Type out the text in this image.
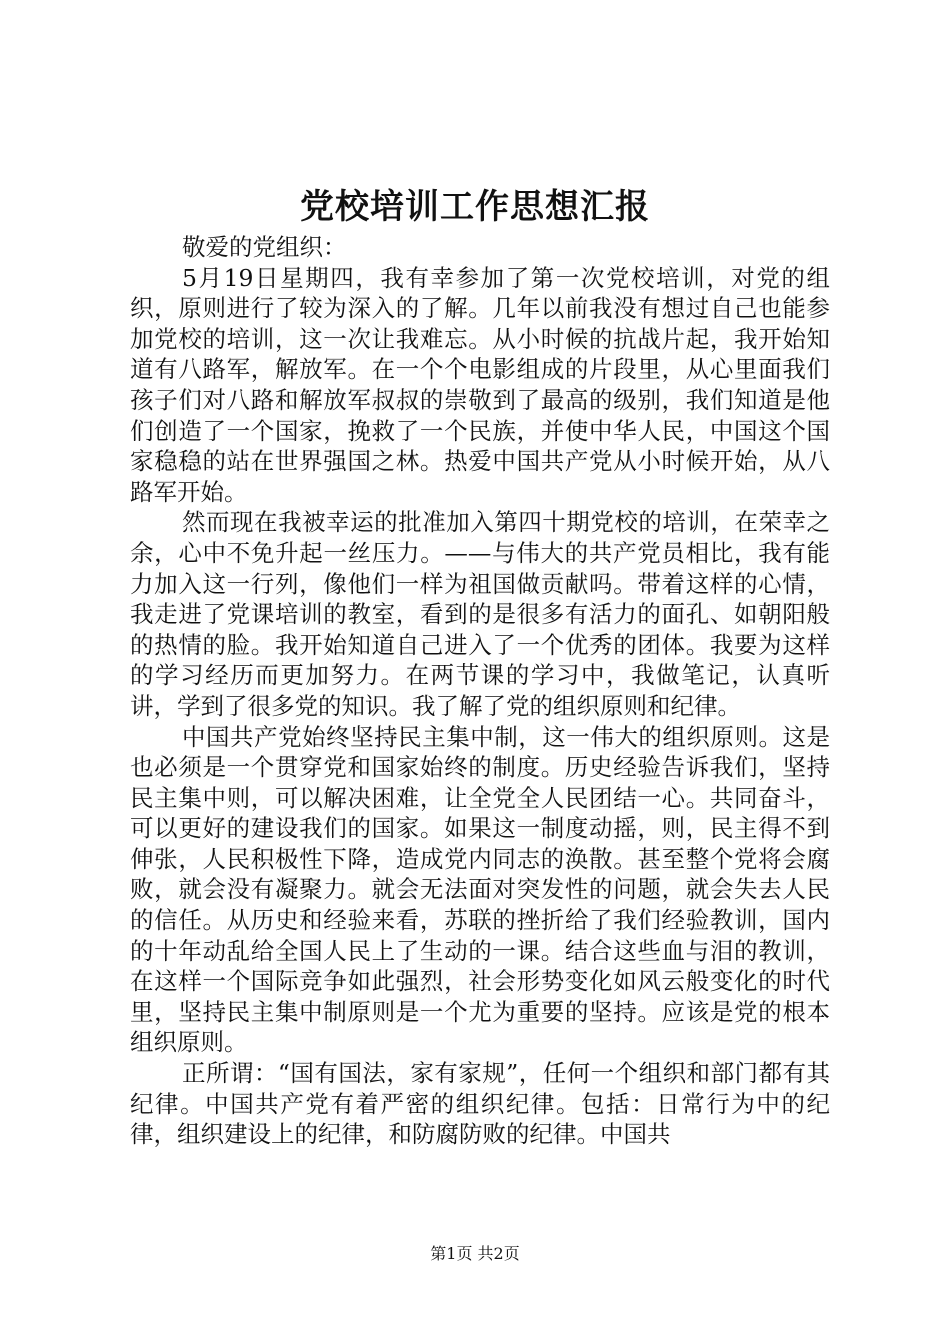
党校培训工作思想汇报

敬爱的党组织：

5月19日星期四，我有幸参加了第一次党校培训，对党的组织，原则进行了较为深入的了解。几年以前我没有想过自己也能参加党校的培训，这一次让我难忘。从小时候的抗战片起，我开始知道有八路军，解放军。在一个个电影组成的片段里，从心里面我们孩子们对八路和解放军叔叔的崇敬到了最高的级别，我们知道是他们创造了一个国家，挽救了一个民族，并使中华人民，中国这个国家稳稳的站在世界强国之林。热爱中国共产党从小时候开始，从八路军开始。

然而现在我被幸运的批准加入第四十期党校的培训，在荣幸之余，心中不免升起一丝压力。——与伟大的共产党员相比，我有能力加入这一行列，像他们一样为祖国做贡献吗。带着这样的心情，我走进了党课培训的教室，看到的是很多有活力的面孔、如朝阳般的热情的脸。我开始知道自己进入了一个优秀的团体。我要为这样的学习经历而更加努力。在两节课的学习中，我做笔记，认真听讲，学到了很多党的知识。我了解了党的组织原则和纪律。

中国共产党始终坚持民主集中制，这一伟大的组织原则。这是也必须是一个贯穿党和国家始终的制度。历史经验告诉我们，坚持民主集中则，可以解决困难，让全党全人民团结一心。共同奋斗，可以更好的建设我们的国家。如果这一制度动摇，则，民主得不到伸张，人民积极性下降，造成党内同志的涣散。甚至整个党将会腐败，就会没有凝聚力。就会无法面对突发性的问题，就会失去人民的信任。从历史和经验来看，苏联的挫折给了我们经验教训，国内的十年动乱给全国人民上了生动的一课。结合这些血与泪的教训，在这样一个国际竞争如此强烈，社会形势变化如风云般变化的时代里，坚持民主集中制原则是一个尤为重要的坚持。应该是党的根本组织原则。

正所谓：“国有国法，家有家规”，任何一个组织和部门都有其纪律。中国共产党有着严密的组织纪律。包括：日常行为中的纪律，组织建设上的纪律，和防腐防败的纪律。中国共

第1页 共2页
